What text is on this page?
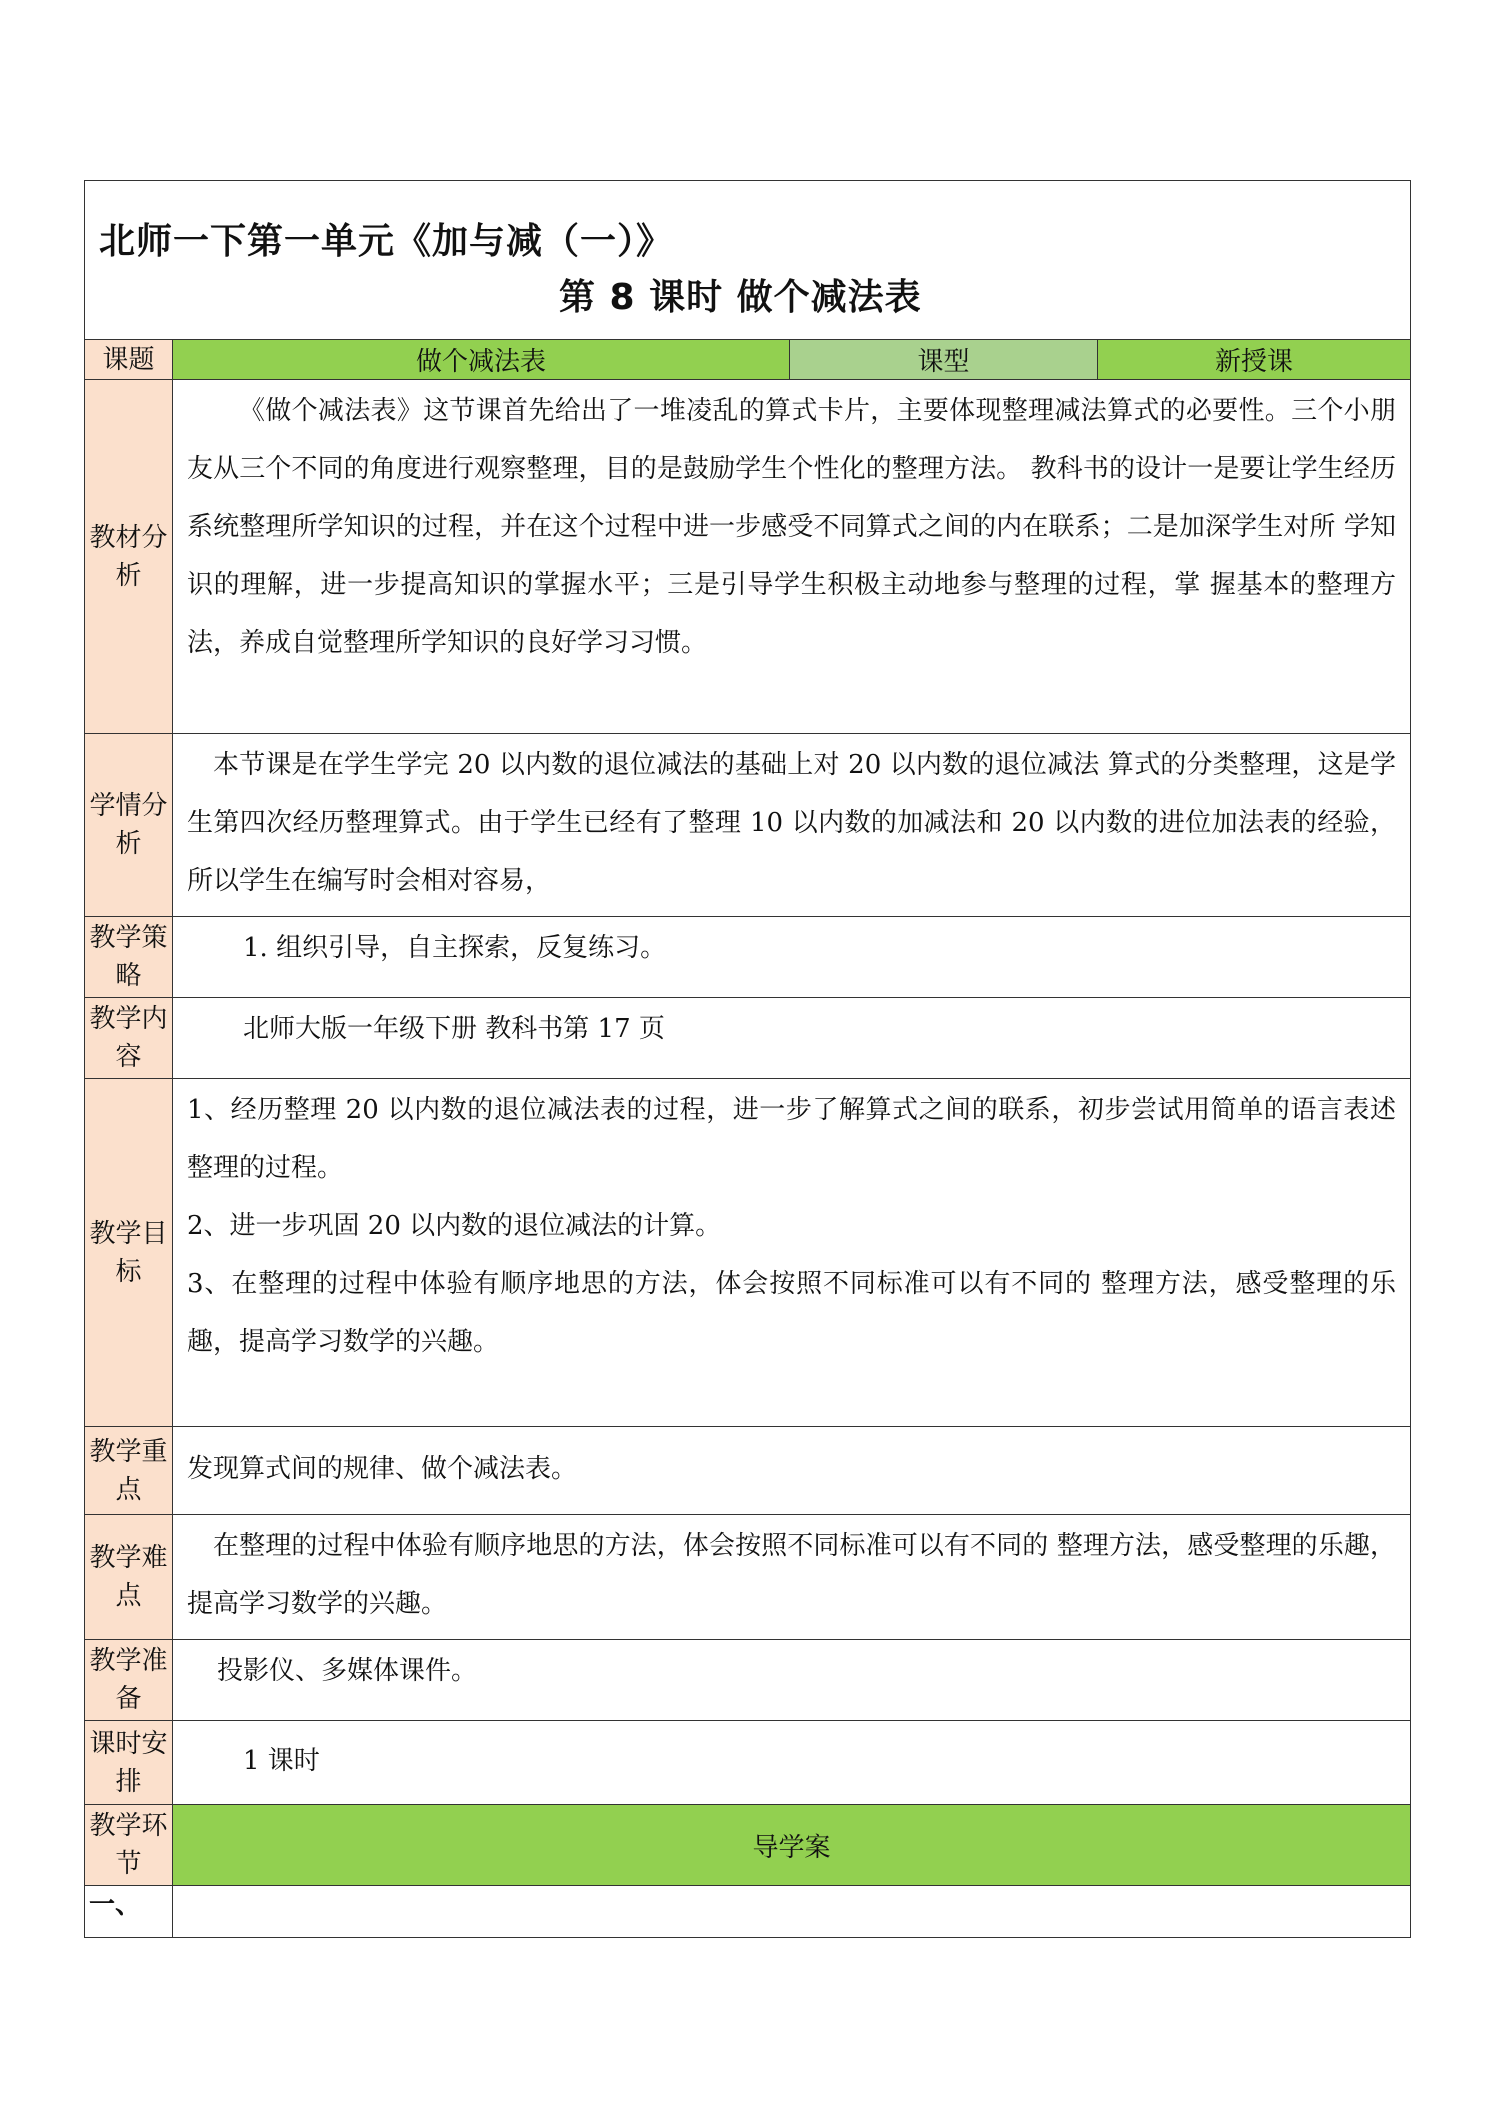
北师一下第一单元《加与减（一）》
第 8 课时 做个减法表			

课题	做个减法表	课型	新授课
教材分析	《做个减法表》这节课首先给出了一堆凌乱的算式卡片，主要体现整理减法算式的必要性。三个小朋友从三个不同的角度进行观察整理，目的是鼓励学生个性化的整理方法。 教科书的设计一是要让学生经历系统整理所学知识的过程，并在这个过程中进一步感受不同算式之间的内在联系；二是加深学生对所 学知识的理解，进一步提高知识的掌握水平；三是引导学生积极主动地参与整理的过程，掌 握基本的整理方法，养成自觉整理所学知识的良好学习习惯。		

学情分析	本节课是在学生学完 20 以内数的退位减法的基础上对 20 以内数的退位减法 算式的分类整理，这是学生第四次经历整理算式。由于学生已经有了整理 10 以内数的加减法和 20 以内数的进位加法表的经验，所以学生在编写时会相对容易，		

教学策略	1. 组织引导，自主探索，反复练习。		

教学内容	北师大版一年级下册 教科书第 17 页		

教学目标	1、经历整理 20 以内数的退位减法表的过程，进一步了解算式之间的联系，初步尝试用简单的语言表述整理的过程。

2、进一步巩固 20 以内数的退位减法的计算。

3、在整理的过程中体验有顺序地思的方法，体会按照不同标准可以有不同的 整理方法，感受整理的乐趣，提高学习数学的兴趣。		

教学重点	发现算式间的规律、做个减法表。		

教学难点	在整理的过程中体验有顺序地思的方法，体会按照不同标准可以有不同的 整理方法，感受整理的乐趣，提高学习数学的兴趣。		

教学准备	投影仪、多媒体课件。		

课时安排	1 课时		

教学环节	导学案		
一、			
